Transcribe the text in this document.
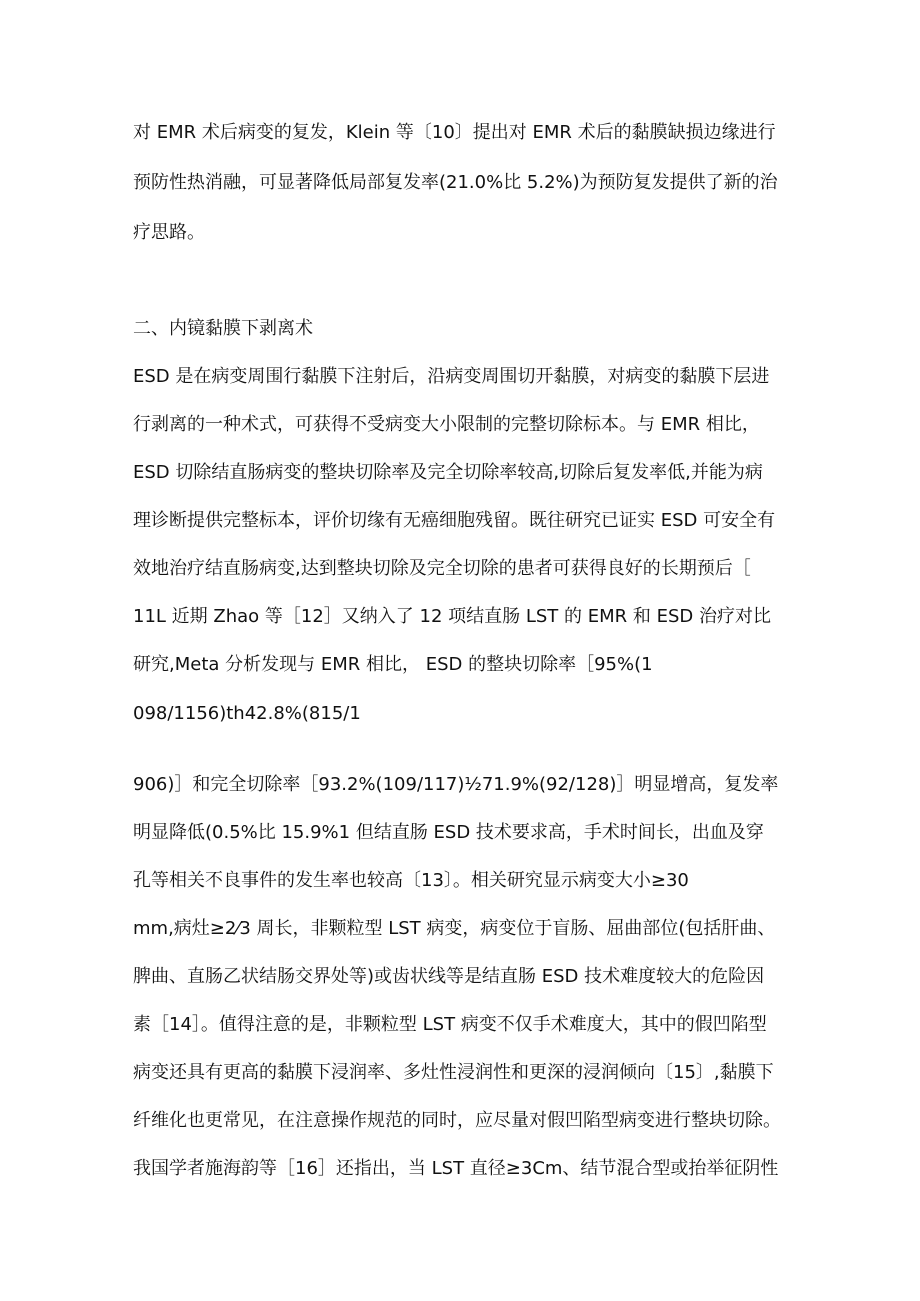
对 EMR 术后病变的复发，Klein 等〔10〕提出对 EMR 术后的黏膜缺损边缘进行
预防性热消融，可显著降低局部复发率(21.0%比 5.2%)为预防复发提供了新的治
疗思路。
二、内镜黏膜下剥离术
ESD 是在病变周围行黏膜下注射后，沿病变周围切开黏膜，对病变的黏膜下层进
行剥离的一种术式，可获得不受病变大小限制的完整切除标本。与 EMR 相比，
ESD 切除结直肠病变的整块切除率及完全切除率较高,切除后复发率低,并能为病
理诊断提供完整标本，评价切缘有无癌细胞残留。既往研究已证实 ESD 可安全有
效地治疗结直肠病变,达到整块切除及完全切除的患者可获得良好的长期预后［
11L 近期 Zhao 等［12］又纳入了 12 项结直肠 LST 的 EMR 和 ESD 治疗对比
研究,Meta 分析发现与 EMR 相比， ESD 的整块切除率［95%(1
098/1156)th42.8%(815/1
906)］和完全切除率［93.2%(109/117)½71.9%(92/128)］明显增高，复发率
明显降低(0.5%比 15.9%1 但结直肠 ESD 技术要求高，手术时间长，出血及穿
孔等相关不良事件的发生率也较高〔13〕。相关研究显示病变大小≥30
mm,病灶≥2⁄3 周长，非颗粒型 LST 病变，病变位于盲肠、屈曲部位(包括肝曲、
脾曲、直肠乙状结肠交界处等)或齿状线等是结直肠 ESD 技术难度较大的危险因
素［14］。值得注意的是，非颗粒型 LST 病变不仅手术难度大，其中的假凹陷型
病变还具有更高的黏膜下浸润率、多灶性浸润性和更深的浸润倾向〔15〕,黏膜下
纤维化也更常见，在注意操作规范的同时，应尽量对假凹陷型病变进行整块切除。
我国学者施海韵等［16］还指出，当 LST 直径≥3Cm、结节混合型或抬举征阴性
